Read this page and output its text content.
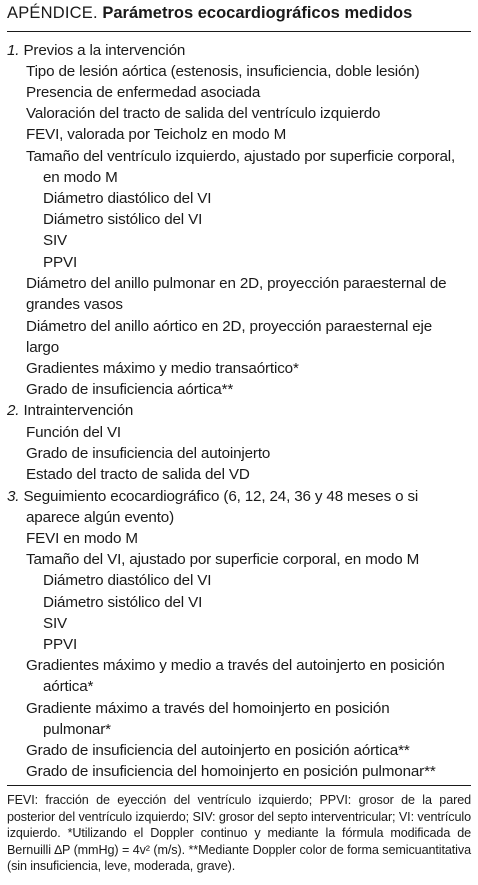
APÉNDICE. Parámetros ecocardiográficos medidos
1. Previos a la intervención
Tipo de lesión aórtica (estenosis, insuficiencia, doble lesión)
Presencia de enfermedad asociada
Valoración del tracto de salida del ventrículo izquierdo
FEVI, valorada por Teicholz en modo M
Tamaño del ventrículo izquierdo, ajustado por superficie corporal,
en modo M
Diámetro diastólico del VI
Diámetro sistólico del VI
SIV
PPVI
Diámetro del anillo pulmonar en 2D, proyección paraesternal de
grandes vasos
Diámetro del anillo aórtico en 2D, proyección paraesternal eje
largo
Gradientes máximo y medio transaórtico*
Grado de insuficiencia aórtica**
2. Intraintervención
Función del VI
Grado de insuficiencia del autoinjerto
Estado del tracto de salida del VD
3. Seguimiento ecocardiográfico (6, 12, 24, 36 y 48 meses o si
aparece algún evento)
FEVI en modo M
Tamaño del VI, ajustado por superficie corporal, en modo M
Diámetro diastólico del VI
Diámetro sistólico del VI
SIV
PPVI
Gradientes máximo y medio a través del autoinjerto en posición
aórtica*
Gradiente máximo a través del homoinjerto en posición
pulmonar*
Grado de insuficiencia del autoinjerto en posición aórtica**
Grado de insuficiencia del homoinjerto en posición pulmonar**
FEVI: fracción de eyección del ventrículo izquierdo; PPVI: grosor de la pared posterior del ventrículo izquierdo; SIV: grosor del septo interventricular; VI: ventrículo izquierdo. *Utilizando el Doppler continuo y mediante la fórmula modificada de Bernuilli ∆P (mmHg) = 4v² (m/s). **Mediante Doppler color de forma semicuantitativa (sin insuficiencia, leve, moderada, grave).
